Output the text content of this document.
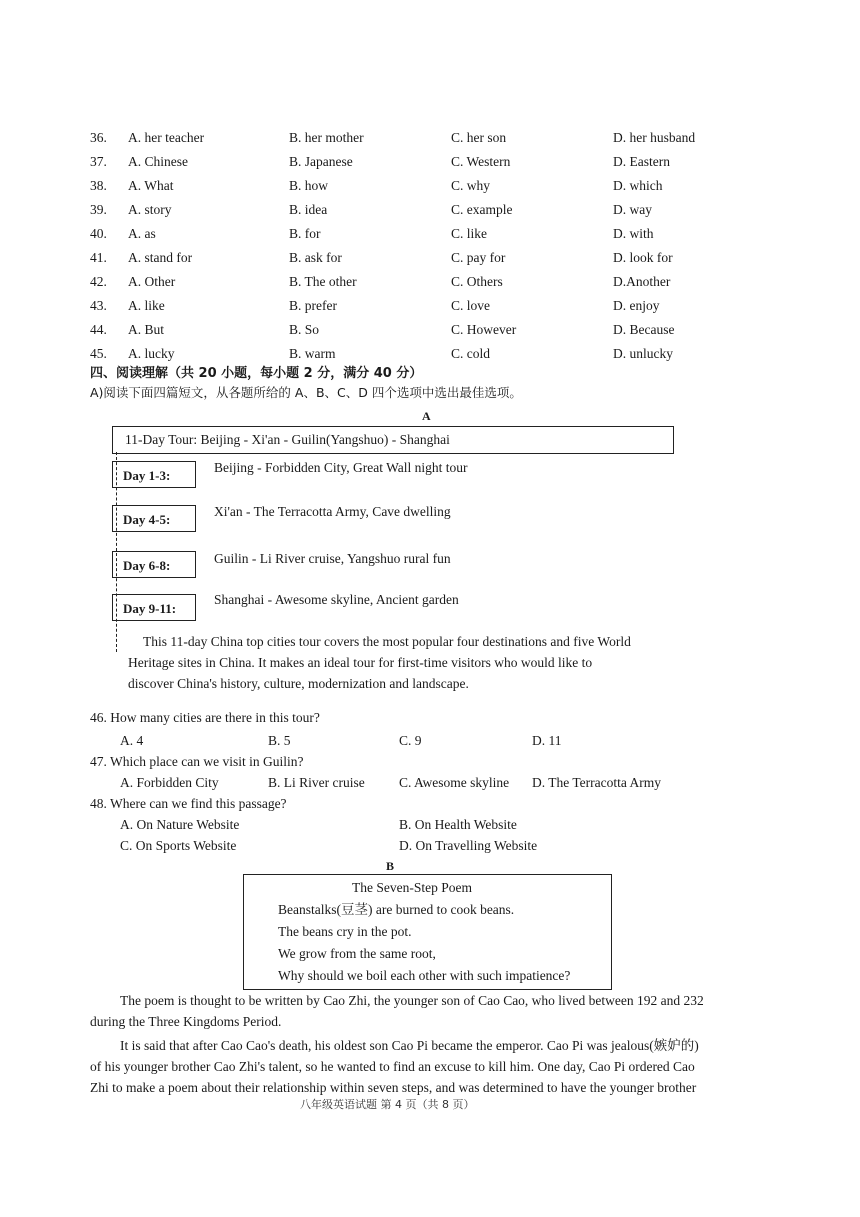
36. A. her teacher	B. her mother	C. her son	D. her husband
37. A. Chinese	B. Japanese	C. Western	D. Eastern
38. A. What	B. how	C. why	D. which
39. A. story	B. idea	C. example	D. way
40. A. as	B. for	C. like	D. with
41. A. stand for	B. ask for	C. pay for	D. look for
42. A. Other	B. The other	C. Others	D.Another
43. A. like	B. prefer	C. love	D. enjoy
44. A. But	B. So	C. However	D. Because
45. A. lucky	B. warm	C. cold	D. unlucky
四、阅读理解（共 20 小题，每小题 2 分，满分 40 分）
A)阅读下面四篇短文，从各题所给的 A、B、C、D 四个选项中选出最佳选项。
A
11-Day Tour: Beijing - Xi'an - Guilin(Yangshuo) - Shanghai
Day 1-3:
Beijing - Forbidden City, Great Wall night tour
Day 4-5:
Xi'an - The Terracotta Army, Cave dwelling
Day 6-8:	Guilin - Li River cruise, Yangshuo rural fun
Day 9-11:
Shanghai - Awesome skyline, Ancient garden
This 11-day China top cities tour covers the most popular four destinations and five World
Heritage sites in China. It makes an ideal tour for first-time visitors who would like to
discover China's history, culture, modernization and landscape.
46. How many cities are there in this tour?
A. 4	B. 5	C. 9	D. 11
47. Which place can we visit in Guilin?
A. Forbidden City	B. Li River cruise	C. Awesome skyline D. The Terracotta Army
48. Where can we find this passage?
A. On Nature Website	B. On Health Website
C. On Sports Website	D. On Travelling Website
B
The Seven-Step Poem
Beanstalks(豆茎) are burned to cook beans.
The beans cry in the pot.
We grow from the same root,
Why should we boil each other with such impatience?
The poem is thought to be written by Cao Zhi, the younger son of Cao Cao, who lived between 192 and 232
during the Three Kingdoms Period.
It is said that after Cao Cao's death, his oldest son Cao Pi became the emperor. Cao Pi was jealous(嫉妒的)
of his younger brother Cao Zhi's talent, so he wanted to find an excuse to kill him. One day, Cao Pi ordered Cao
Zhi to make a poem about their relationship within seven steps, and was determined to have the younger brother
八年级英语试题 第 4 页（共 8 页）
